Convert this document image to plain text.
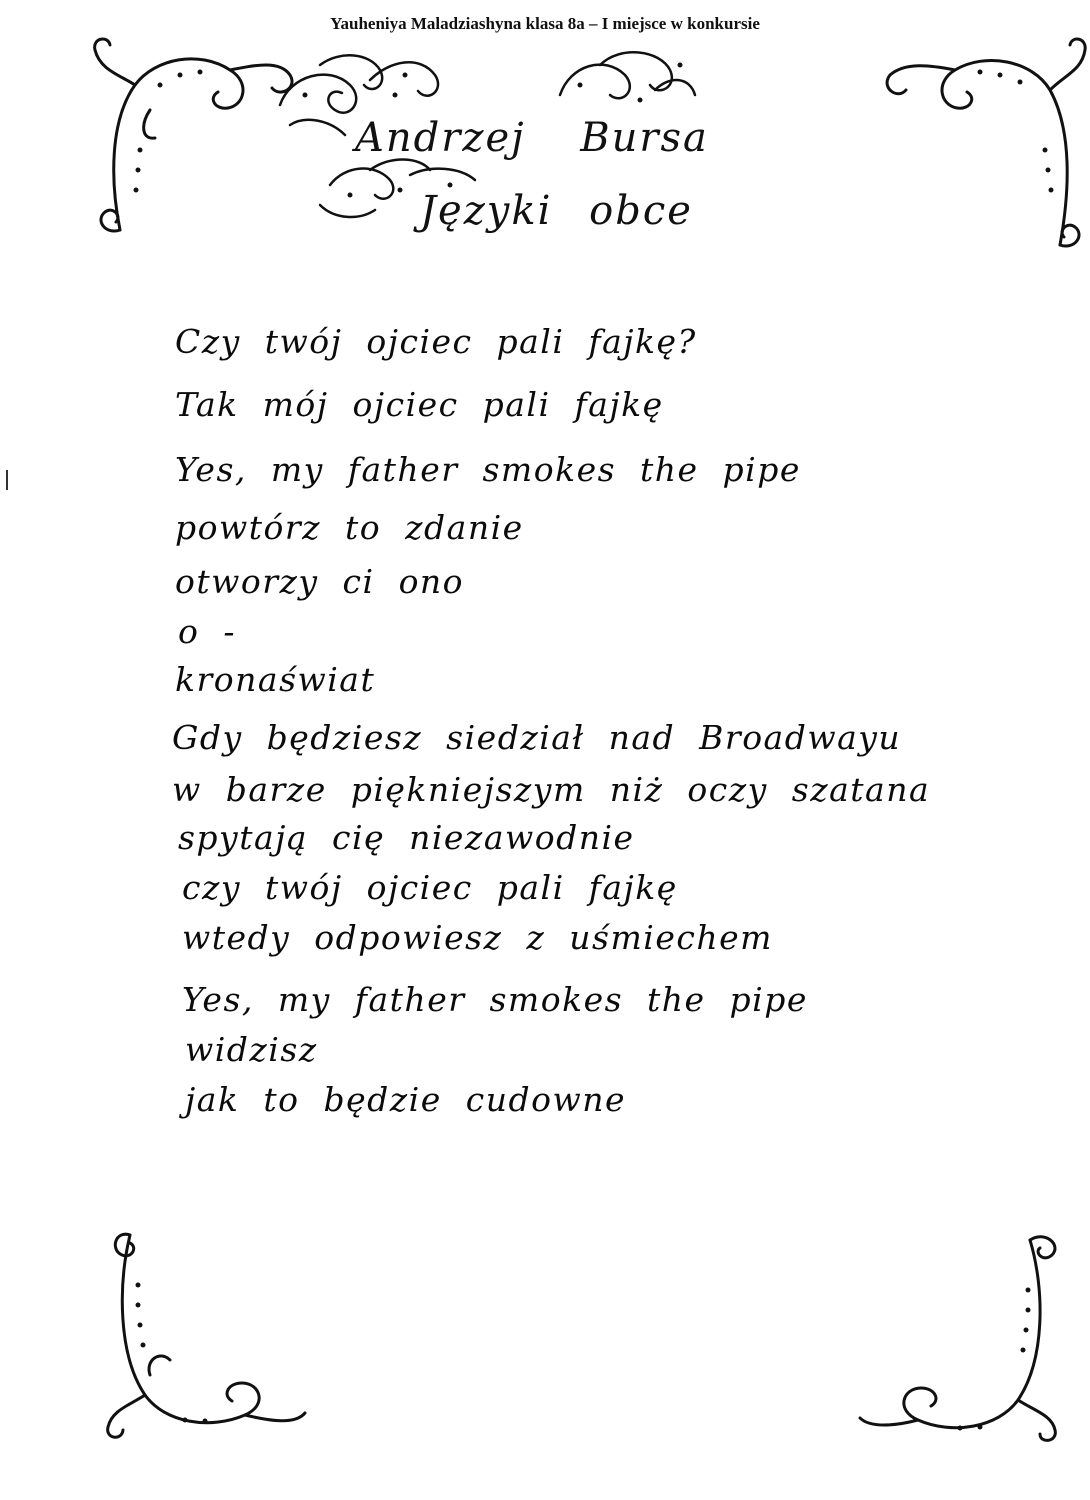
Yauheniya Maladziashyna klasa 8a – I miejsce w konkursie
Andrzej Bursa
Języki obce
Czy twój ojciec pali fajkę?
Tak mój ojciec pali fajkę
Yes, my father smokes the pipe
powtórz to zdanie
otworzy ci ono
o -
kronaświat
Gdy będziesz siedział nad Broadwayu
w barze piękniejszym niż oczy szatana
spytają cię niezawodnie
czy twój ojciec pali fajkę
wtedy odpowiesz z uśmiechem
Yes, my father smokes the pipe
widzisz
jak to będzie cudowne
